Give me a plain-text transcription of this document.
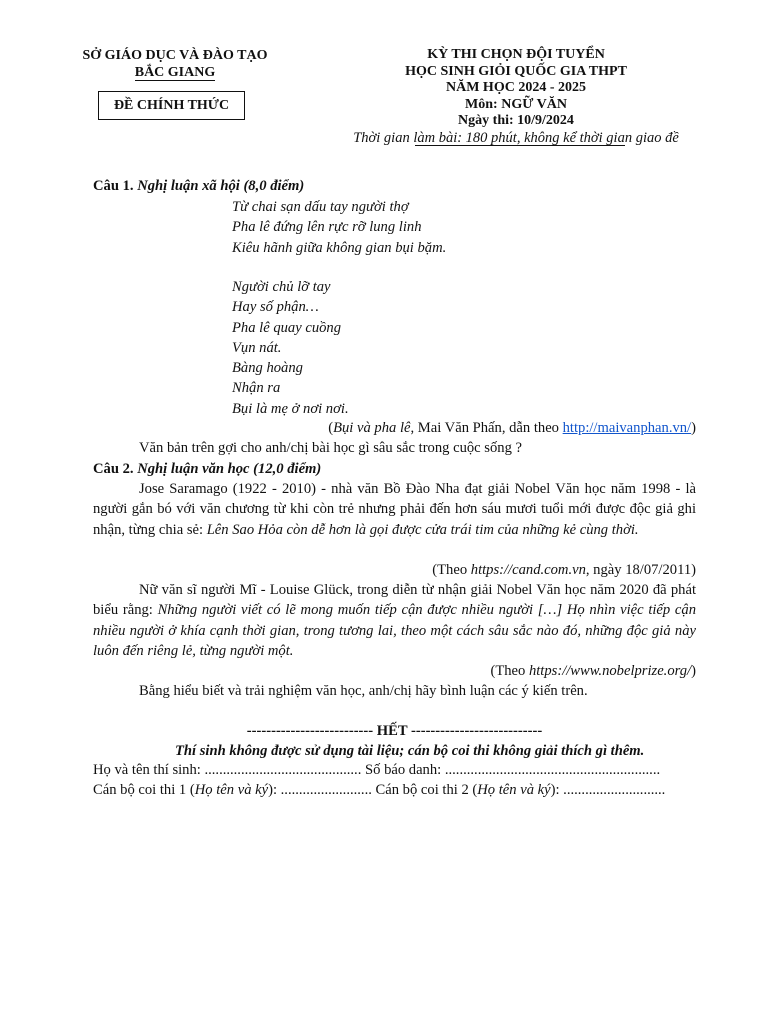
SỞ GIÁO DỤC VÀ ĐÀO TẠO
BẮC GIANG
ĐỀ CHÍNH THỨC
KỲ THI CHỌN ĐỘI TUYỂN
HỌC SINH GIỎI QUỐC GIA THPT
NĂM HỌC 2024 - 2025
Môn: NGỮ VĂN
Ngày thi: 10/9/2024
Thời gian làm bài: 180 phút, không kể thời gian giao đề
Câu 1. Nghị luận xã hội (8,0 điểm)
Từ chai sạn dấu tay người thợ
Pha lê đứng lên rực rỡ lung linh
Kiêu hãnh giữa không gian bụi bặm.
Người chủ lỡ tay
Hay số phận…
Pha lê quay cuồng
Vụn nát.
Bàng hoàng
Nhận ra
Bụi là mẹ ở nơi nơi.
(Bụi và pha lê, Mai Văn Phấn, dẫn theo http://maivanphan.vn/)

Văn bản trên gợi cho anh/chị bài học gì sâu sắc trong cuộc sống ?

Câu 2. Nghị luận văn học (12,0 điểm)

Jose Saramago (1922 - 2010) - nhà văn Bồ Đào Nha đạt giải Nobel Văn học năm 1998 - là người gắn bó với văn chương từ khi còn trẻ nhưng phải đến hơn sáu mươi tuổi mới được độc giả ghi nhận, từng chia sẻ: Lên Sao Hỏa còn dễ hơn là gọi được cửa trái tim của những kẻ cùng thời.

(Theo https://cand.com.vn, ngày 18/07/2011)

Nữ văn sĩ người Mĩ - Louise Glück, trong diễn từ nhận giải Nobel Văn học năm 2020 đã phát biểu rằng: Những người viết có lẽ mong muốn tiếp cận được nhiều người […] Họ nhìn việc tiếp cận nhiều người ở khía cạnh thời gian, trong tương lai, theo một cách sâu sắc nào đó, những độc giả này luôn đến riêng lẻ, từng người một.

(Theo https://www.nobelprize.org/)

Bằng hiểu biết và trải nghiệm văn học, anh/chị hãy bình luận các ý kiến trên.

-------------------------- HẾT ---------------------------
Thí sinh không được sử dụng tài liệu; cán bộ coi thi không giải thích gì thêm.
Họ và tên thí sinh: ........................................... Số báo danh: ...........................................................
Cán bộ coi thi 1 (Họ tên và ký): ......................... Cán bộ coi thi 2 (Họ tên và ký): ............................
